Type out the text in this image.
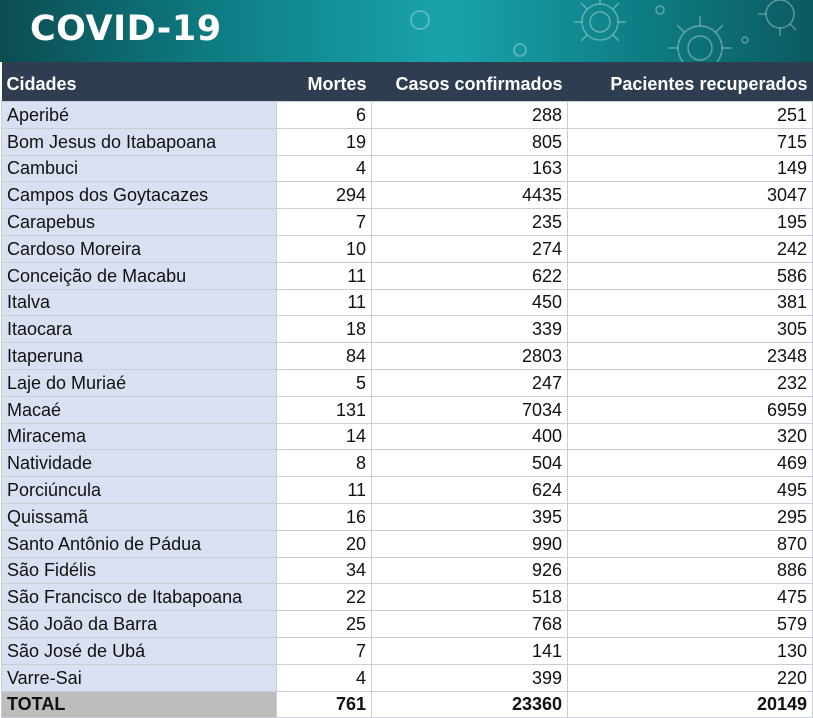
COVID-19
Cidades	Mortes	Casos confirmados	Pacientes recuperados
Aperibé	6	288	251
Bom Jesus do Itabapoana	19	805	715
Cambuci	4	163	149
Campos dos Goytacazes	294	4435	3047
Carapebus	7	235	195
Cardoso Moreira	10	274	242
Conceição de Macabu	11	622	586
Italva	11	450	381
Itaocara	18	339	305
Itaperuna	84	2803	2348
Laje do Muriaé	5	247	232
Macaé	131	7034	6959
Miracema	14	400	320
Natividade	8	504	469
Porciúncula	11	624	495
Quissamã	16	395	295
Santo Antônio de Pádua	20	990	870
São Fidélis	34	926	886
São Francisco de Itabapoana	22	518	475
São João da Barra	25	768	579
São José de Ubá	7	141	130
Varre-Sai	4	399	220
TOTAL	761	23360	20149
